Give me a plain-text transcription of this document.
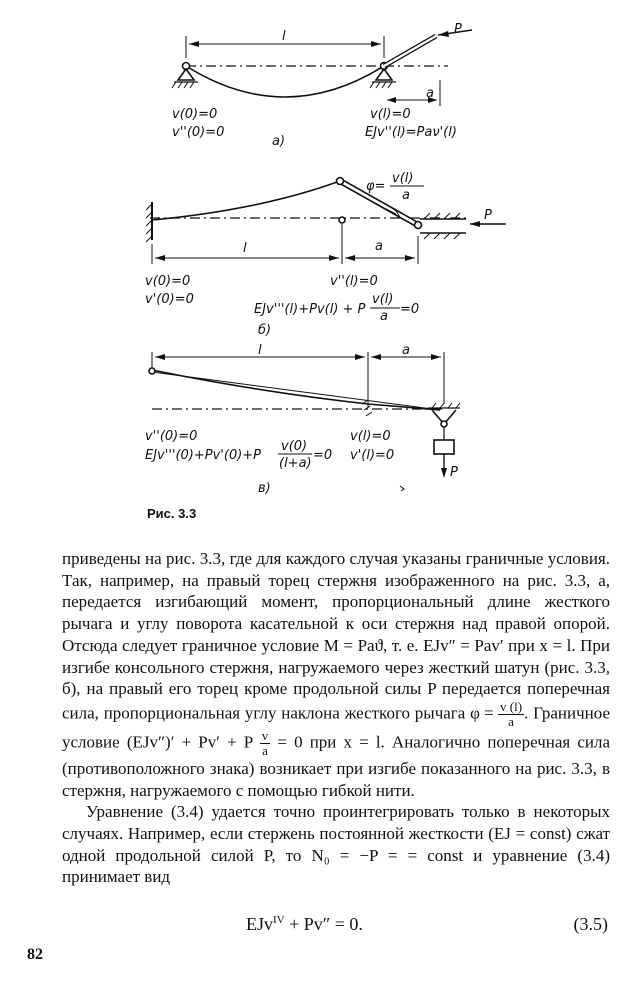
l
a
P
v(0)=0
v''(0)=0
v(l)=0
EJv''(l)=Paν'(l)
а)
l	a
P
φ=
v(l)
a
v(0)=0
v'(0)=0
v''(l)=0
EJv'''(l)+Pv(l) + P
v(l)
a =0
б)
l	a
P
v''(0)=0
EJv'''(0)+Pv'(0)+P
v(0)
(l+a)
=0
v(l)=0
v'(l)=0
в)
Рис. 3.3

приведены на рис. 3.3, где для каждого случая указаны граничные условия. Так, например, на правый торец стержня изображенного на рис. 3.3, а, передается изгибающий момент, пропорциональный длине жесткого рычага и углу поворота касательной к оси стержня над правой опорой. Отсюда следует граничное условие M = Paϑ, т. е. EJv″ = Pav′ при x = l. При изгибе консольного стержня, нагружаемого через жесткий шатун (рис. 3.3, б), на правый его торец кроме продольной силы P передается поперечная сила, пропорциональная углу наклона жесткого рычага $\varphi = \frac{v (l)}{a}$ . Граничное условие (EJv″)′ + Pv′ + P $\frac{v}{a} = 0$ при x = l. Аналогично поперечная сила (противоположного знака) возникает при изгибе показанного на рис. 3.3, в стержня, нагружаемого с помощью гибкой нити.

Уравнение (3.4) удается точно проинтегрировать только в некоторых случаях. Например, если стержень постоянной жесткости (EJ = const) сжат одной продольной силой P, то N₀ = −P = = const и уравнение (3.4) принимает вид

EJv$^{IV}$ + Pv″ = 0.	(3.5)
82
